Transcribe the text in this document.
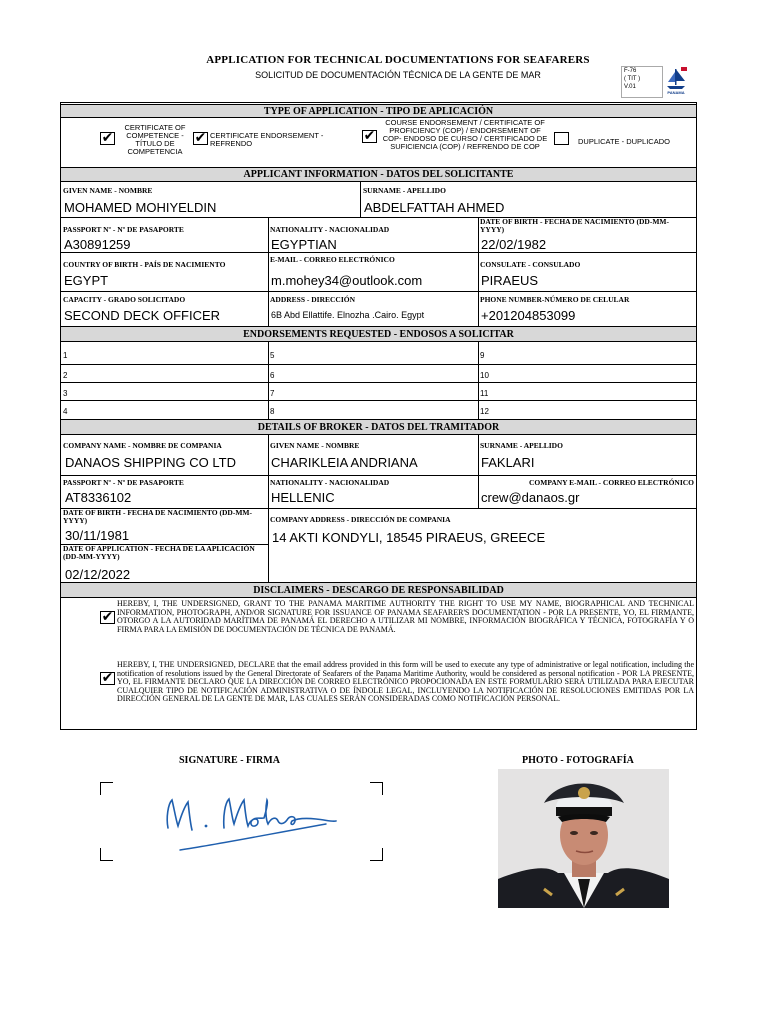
APPLICATION FOR TECHNICAL DOCUMENTATIONS FOR SEAFARERS
SOLICITUD DE DOCUMENTACIÓN TÉCNICA DE LA GENTE DE MAR	F-76
( TIT )
V.01
PANAMA
TYPE OF APPLICATION - TIPO DE APLICACIÓN
✔
CERTIFICATE OF COMPETENCE - TÍTULO DE COMPETENCIA
✔ CERTIFICATE ENDORSEMENT - REFRENDO	✔
COURSE ENDORSEMENT / CERTIFICATE OF PROFICIENCY (COP) / ENDORSEMENT OF COP- ENDOSO DE CURSO / CERTIFICADO DE SUFICIENCIA (COP) / REFRENDO DE COP
DUPLICATE - DUPLICADO
APPLICANT INFORMATION - DATOS DEL SOLICITANTE
GIVEN NAME - NOMBRE
MOHAMED MOHIYELDIN
SURNAME - APELLIDO
ABDELFATTAH AHMED
PASSPORT Nº - Nº DE PASAPORTE
A30891259
NATIONALITY - NACIONALIDAD
EGYPTIAN
DATE OF BIRTH - FECHA DE NACIMIENTO (DD-MM-YYYY)
22/02/1982
COUNTRY OF BIRTH - PAÍS DE NACIMIENTO
EGYPT
E-MAIL - CORREO ELECTRÓNICO
m.mohey34@outlook.com
CONSULATE - CONSULADO
PIRAEUS
CAPACITY - GRADO SOLICITADO
SECOND DECK OFFICER
ADDRESS - DIRECCIÓN
6B Abd Ellattife. Elnozha .Cairo. Egypt
PHONE NUMBER-NÚMERO DE CELULAR
+201204853099
ENDORSEMENTS REQUESTED - ENDOSOS A SOLICITAR
1
2
3
4
5
6
7
8
9
10
11
12
DETAILS OF BROKER - DATOS DEL TRAMITADOR
COMPANY NAME - NOMBRE DE COMPANIA
DANAOS SHIPPING CO LTD
GIVEN NAME - NOMBRE
CHARIKLEIA ANDRIANA
SURNAME - APELLIDO
FAKLARI
PASSPORT Nº - Nº DE PASAPORTE
AT8336102
NATIONALITY - NACIONALIDAD
HELLENIC
COMPANY E-MAIL - CORREO ELECTRÓNICO
crew@danaos.gr
DATE OF BIRTH - FECHA DE NACIMIENTO (DD-MM-YYYY)
30/11/1981
COMPANY ADDRESS - DIRECCIÓN DE COMPANIA
14 AKTI KONDYLI, 18545 PIRAEUS, GREECE
DATE OF APPLICATION - FECHA DE LA APLICACIÓN (DD-MM-YYYY)
02/12/2022
DISCLAIMERS - DESCARGO DE RESPONSABILIDAD
✔
HEREBY, I, THE UNDERSIGNED, GRANT TO THE PANAMA MARITIME AUTHORITY THE RIGHT TO USE MY NAME, BIOGRAPHICAL AND TECHNICAL INFORMATION, PHOTOGRAPH, AND/OR SIGNATURE FOR ISSUANCE OF PANAMA SEAFARER'S DOCUMENTATION - POR LA PRESENTE, YO, EL FIRMANTE, OTORGO A LA AUTORIDAD MARÍTIMA DE PANAMÁ EL DERECHO A UTILIZAR MI NOMBRE, INFORMACIÓN BIOGRÁFICA Y TÉCNICA, FOTOGRAFÍA Y O FIRMA PARA LA EMISIÓN DE DOCUMENTACIÓN DE TÉCNICA DE PANAMÁ.
✔
HEREBY, I, THE UNDERSIGNED, DECLARE that the email address provided in this form will be used to execute any type of administrative or legal notification, including the notification of resolutions issued by the General Directorate of Seafarers of the Panama Maritime Authority, would be considered as personal notification - POR LA PRESENTE, YO, EL FIRMANTE DECLARO QUE LA DIRECCIÓN DE CORREO ELECTRÓNICO PROPOCIONADA EN ESTE FORMULARIO SERÁ UTILIZADA PARA EJECUTAR CUALQUIER TIPO DE NOTIFICACIÓN ADMINISTRATIVA O DE ÍNDOLE LEGAL, INCLUYENDO LA NOTIFICACIÓN DE RESOLUCIONES EMITIDAS POR LA DIRECCIÓN GENERAL DE LA GENTE DE MAR, LAS CUALES SERÁN CONSIDERADAS COMO NOTIFICACIÓN PERSONAL.
SIGNATURE - FIRMA	PHOTO - FOTOGRAFÍA
